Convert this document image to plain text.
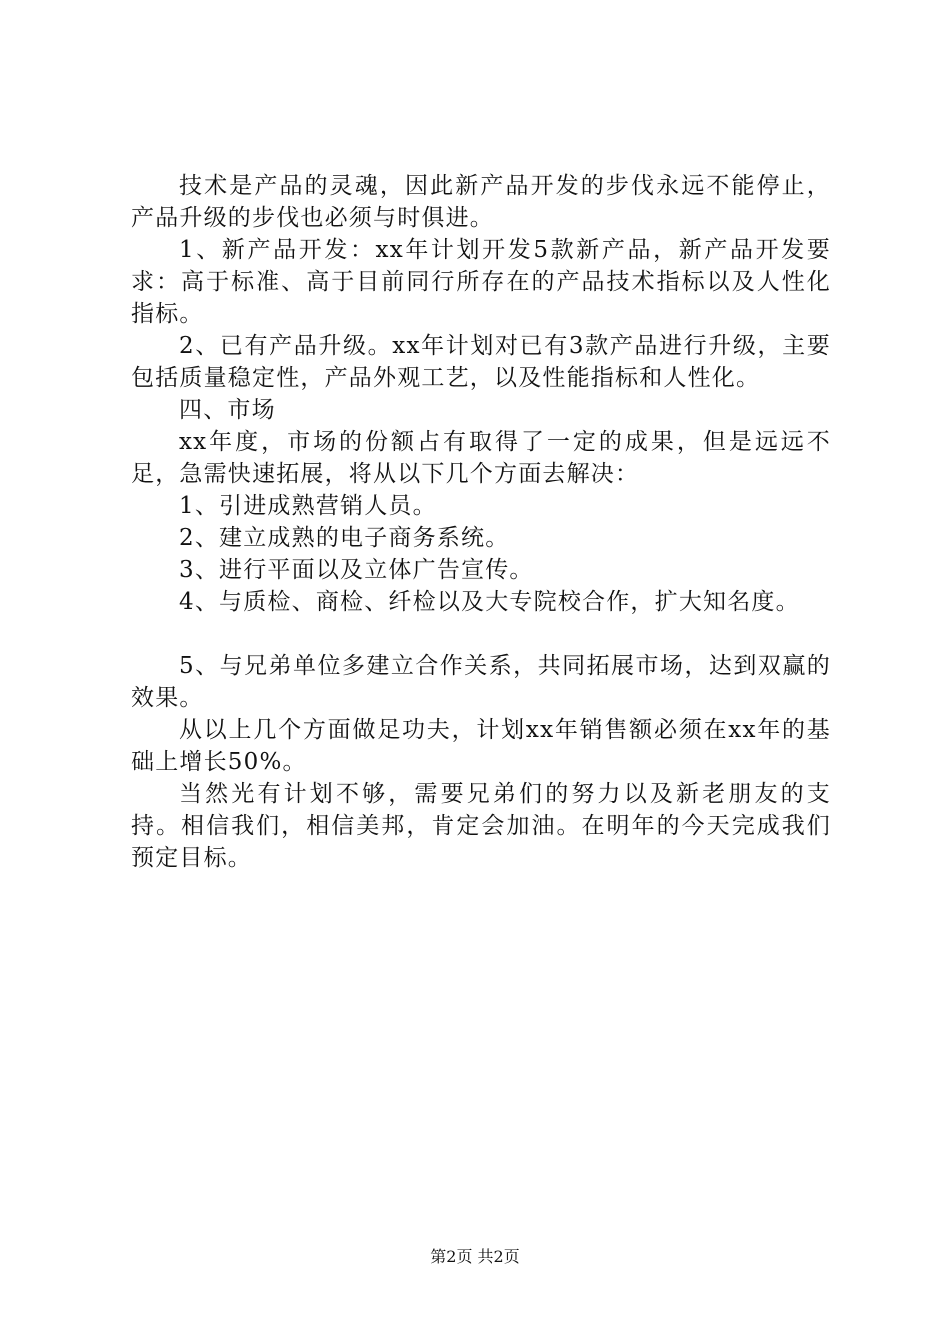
技术是产品的灵魂，因此新产品开发的步伐永远不能停止，产品升级的步伐也必须与时俱进。

1、新产品开发：xx年计划开发5款新产品，新产品开发要求：高于标准、高于目前同行所存在的产品技术指标以及人性化指标。

2、已有产品升级。xx年计划对已有3款产品进行升级，主要包括质量稳定性，产品外观工艺，以及性能指标和人性化。

四、市场

xx年度，市场的份额占有取得了一定的成果，但是远远不足，急需快速拓展，将从以下几个方面去解决：

1、引进成熟营销人员。

2、建立成熟的电子商务系统。

3、进行平面以及立体广告宣传。

4、与质检、商检、纤检以及大专院校合作，扩大知名度。

5、与兄弟单位多建立合作关系，共同拓展市场，达到双赢的效果。

从以上几个方面做足功夫，计划xx年销售额必须在xx年的基础上增长50%。

当然光有计划不够，需要兄弟们的努力以及新老朋友的支持。相信我们，相信美邦，肯定会加油。在明年的今天完成我们预定目标。

第2页 共2页
